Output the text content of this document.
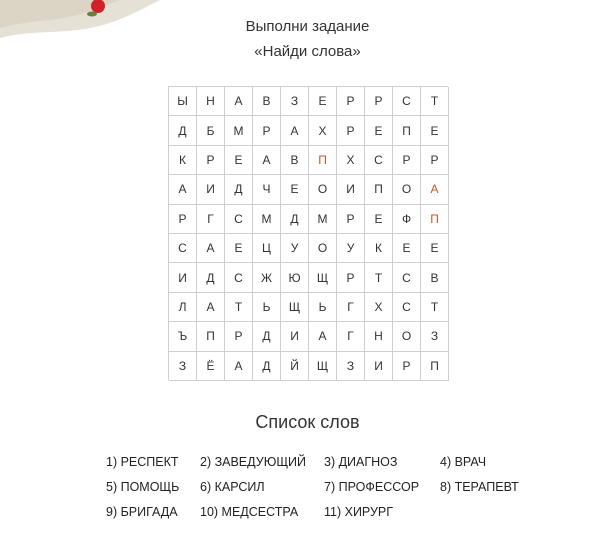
Выполни задание
«Найди слова»
Ы	Н	А	В	З	Е	Р	Р	С	Т
Д	Б	М	Р	А	Х	Р	Е	П	Е
К	Р	Е	А	В	П	Х	С	Р	Р
А	И	Д	Ч	Е	О	И	П	О	А
Р	Г	С	М	Д	М	Р	Е	Ф	П
С	А	Е	Ц	У	О	У	К	Е	Е
И	Д	С	Ж	Ю	Щ	Р	Т	С	В
Л	А	Т	Ь	Щ	Ь	Г	Х	С	Т
Ъ	П	Р	Д	И	А	Г	Н	О	З
З	Ё	А	Д	Й	Щ	З	И	Р	П
Список слов
1) РЕСПЕКТ	2) ЗАВЕДУЮЩИЙ	3) ДИАГНОЗ	4) ВРАЧ
5) ПОМОЩЬ	6) КАРСИЛ	7) ПРОФЕССОР	8) ТЕРАПЕВТ
9) БРИГАДА	10) МЕДСЕСТРА	11) ХИРУРГ
